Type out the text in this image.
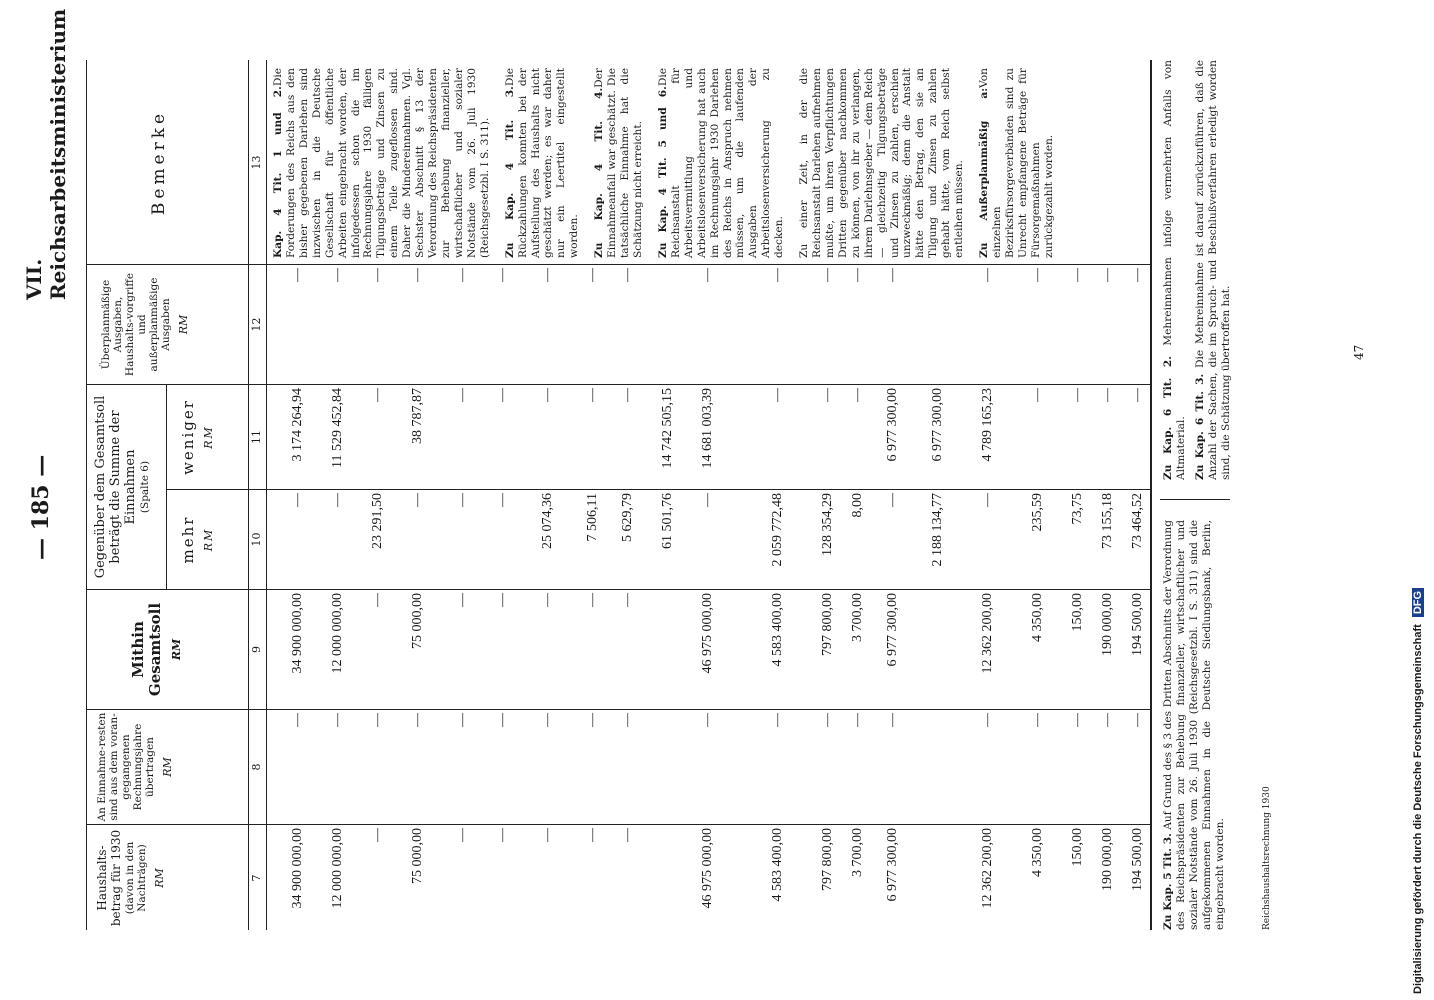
— 185 —
VII. Reichsarbeitsministerium
Haushalts-betrag für 1930 (davon in den Nachträgen) RM
An Einnahme-resten sind aus dem voran-gegangenen Rechnungsjahre übertragen RM
Mithin Gesamtsoll RM
Gegenüber dem Gesamtsoll beträgt die Summe der Einnahmen (Spalte 6)
mehr RM
weniger RM
Überplanmäßige Ausgaben, Haushalts-vorgriffe und außerplanmäßige Ausgaben RM
Bemerke
7
8
9
10
11
12
13
34 900 000,00
—
34 900 000,00
—
3 174 264,94
—
12 000 000,00
—
12 000 000,00
—
11 529 452,84
—
—
—
—
23 291,50
—
—
75 000,00
—
75 000,00
—
38 787,87
—
—
—
—
—
—
—
—
—
—
—
—
—
—
—
—
25 074,36
—
—
—
—
—
7 506,11
—
—
—
—
—
5 629,79
—
—
61 501,76
14 742 505,15
46 975 000,00
—
46 975 000,00
—
14 681 003,39
—
4 583 400,00
—
4 583 400,00
2 059 772,48
—
—
797 800,00
—
797 800,00
128 354,29
—
—
3 700,00
—
3 700,00
8,00
—
—
6 977 300,00
—
6 977 300,00
—
6 977 300,00
—
2 188 134,77
6 977 300,00
12 362 200,00
—
12 362 200,00
—
4 789 165,23
—
4 350,00
—
4 350,00
235,59
—
—
150,00
—
150,00
73,75
—
—
190 000,00
—
190 000,00
73 155,18
—
—
194 500,00
—
194 500,00
73 464,52
—
—
Kap. 4 Tit. 1 und 2.Die Forderungen des Reichs aus den bisher gegebenen Darlehen sind inzwischen in die Deutsche Gesellschaft für öffentliche Arbeiten eingebracht worden, der infolgedessen schon die im Rechnungsjahre 1930 fälligen Tilgungsbeträge und Zinsen zu einem Teile zugeflossen sind. Daher die Mindereinnahmen. Vgl. Sechster Abschnitt § 13 der Verordnung des Reichspräsidenten zur Behebung finanzieller, wirtschaftlicher und sozialer Notstände vom 26. Juli 1930 (Reichsgesetzbl. I S. 311). Zu Kap. 4 Tit. 3.Die Rückzahlungen konnten bei der Aufstellung des Haushalts nicht geschätzt werden; es war daher nur ein Leertitel eingestellt worden. Zu Kap. 4 Tit. 4.Der Einnahmeanfall war geschätzt. Die tatsächliche Einnahme hat die Schätzung nicht erreicht. Zu Kap. 4 Tit. 5 und 6.Die Reichsanstalt für Arbeitsvermittlung und Arbeitslosenversicherung hat auch im Rechnungsjahr 1930 Darlehen des Reichs in Anspruch nehmen müssen, um die laufenden Ausgaben der Arbeitslosenversicherung zu decken. Zu einer Zeit, in der die Reichsanstalt Darlehen aufnehmen mußte, um ihren Verpflichtungen Dritten gegenüber nachkommen zu können, von ihr zu verlangen, ihrem Darlehnsgeber — dem Reich — gleichzeitig Tilgungsbeträge und Zinsen zu zahlen, erschien unzweckmäßig; denn die Anstalt hätte den Betrag, den sie an Tilgung und Zinsen zu zahlen gehabt hätte, vom Reich selbst entleihen müssen. Zu Außerplanmäßig a:Von einzelnen Bezirksfürsorgeverbänden sind zu Unrecht empfangene Beträge für Fürsorgemaßnahmen zurückgezahlt worden.
Zu Kap. 5 Tit. 3. Auf Grund des § 3 des Dritten Abschnitts der Verordnung des Reichspräsidenten zur Behebung finanzieller, wirtschaftlicher und sozialer Notstände vom 26. Juli 1930 (Reichsgesetzbl. I S. 311) sind die aufgekommenen Einnahmen in die Deutsche Siedlungsbank, Berlin, eingebracht worden.
Zu Kap. 6 Tit. 2. Mehreinnahmen infolge vermehrten Anfalls von Altmaterial. Zu Kap. 6 Tit. 3. Die Mehreinnahme ist darauf zurückzuführen, daß die Anzahl der Sachen, die im Spruch- und Beschlußverfahren erledigt worden sind, die Schätzung übertroffen hat.
Reichshaushaltsrechnung 1930
47
Digitalisierung gefördert durch die Deutsche Forschungsgemeinschaft DFG
